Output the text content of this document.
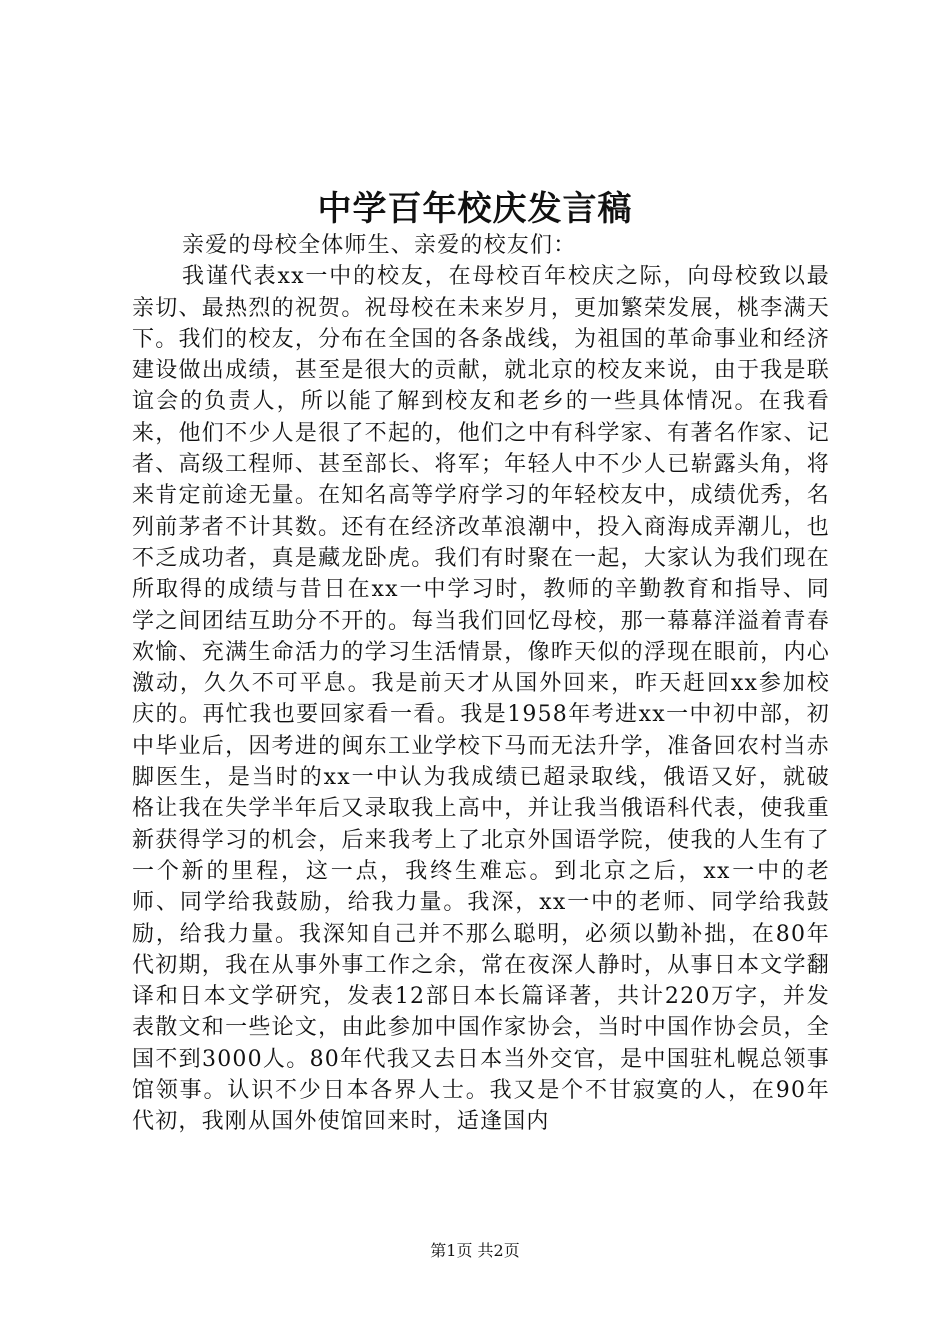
中学百年校庆发言稿

亲爱的母校全体师生、亲爱的校友们：

我谨代表xx一中的校友，在母校百年校庆之际，向母校致以最亲切、最热烈的祝贺。祝母校在未来岁月，更加繁荣发展，桃李满天下。我们的校友，分布在全国的各条战线，为祖国的革命事业和经济建设做出成绩，甚至是很大的贡献，就北京的校友来说，由于我是联谊会的负责人，所以能了解到校友和老乡的一些具体情况。在我看来，他们不少人是很了不起的，他们之中有科学家、有著名作家、记者、高级工程师、甚至部长、将军；年轻人中不少人已崭露头角，将来肯定前途无量。在知名高等学府学习的年轻校友中，成绩优秀，名列前茅者不计其数。还有在经济改革浪潮中，投入商海成弄潮儿，也不乏成功者，真是藏龙卧虎。我们有时聚在一起，大家认为我们现在所取得的成绩与昔日在xx一中学习时，教师的辛勤教育和指导、同学之间团结互助分不开的。每当我们回忆母校，那一幕幕洋溢着青春欢愉、充满生命活力的学习生活情景，像昨天似的浮现在眼前，内心激动，久久不可平息。我是前天才从国外回来，昨天赶回xx参加校庆的。再忙我也要回家看一看。我是1958年考进xx一中初中部，初中毕业后，因考进的闽东工业学校下马而无法升学，准备回农村当赤脚医生，是当时的xx一中认为我成绩已超录取线，俄语又好，就破格让我在失学半年后又录取我上高中，并让我当俄语科代表，使我重新获得学习的机会，后来我考上了北京外国语学院，使我的人生有了一个新的里程，这一点，我终生难忘。到北京之后，xx一中的老师、同学给我鼓励，给我力量。我深，xx一中的老师、同学给我鼓励，给我力量。我深知自己并不那么聪明，必须以勤补拙，在80年代初期，我在从事外事工作之余，常在夜深人静时，从事日本文学翻译和日本文学研究，发表12部日本长篇译著，共计220万字，并发表散文和一些论文，由此参加中国作家协会，当时中国作协会员，全国不到3000人。80年代我又去日本当外交官，是中国驻札幌总领事馆领事。认识不少日本各界人士。我又是个不甘寂寞的人，在90年代初，我刚从国外使馆回来时，适逢国内

第1页 共2页
